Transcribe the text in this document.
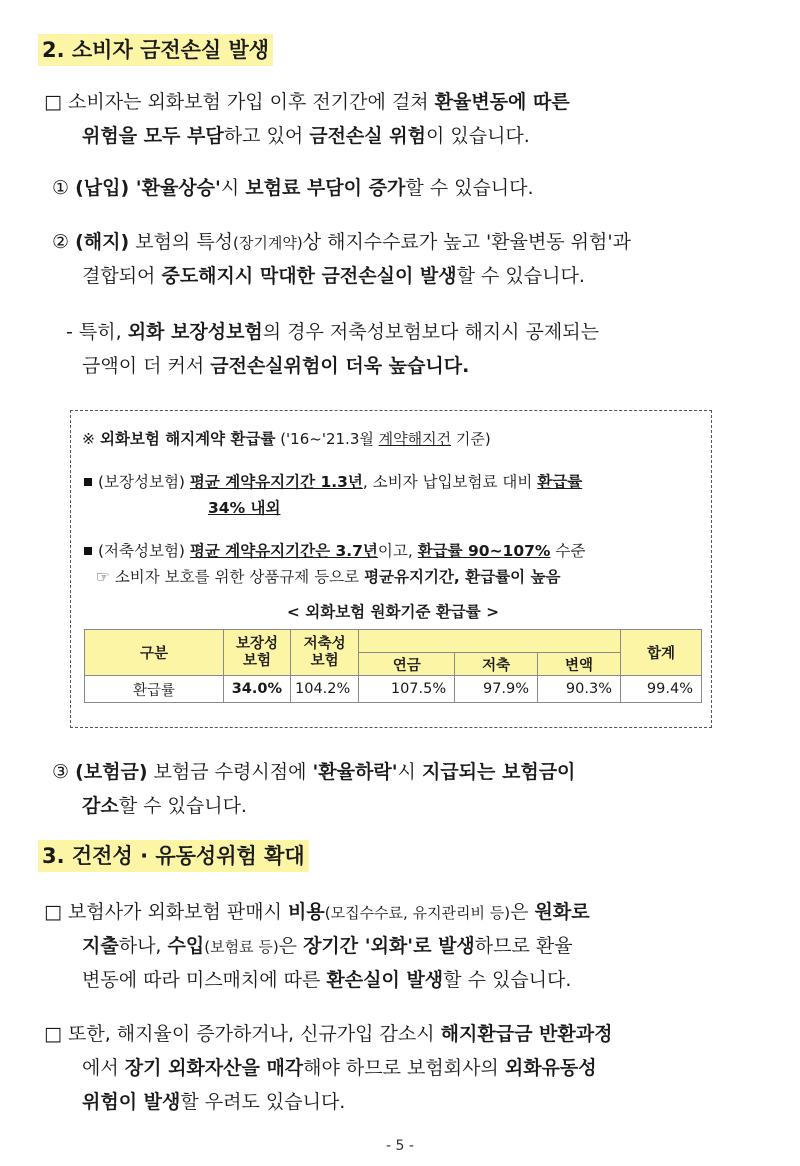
2. 소비자 금전손실 발생
□ 소비자는 외화보험 가입 이후 전기간에 걸쳐 환율변동에 따른
위험을 모두 부담하고 있어 금전손실 위험이 있습니다.
① (납입) '환율상승'시 보험료 부담이 증가할 수 있습니다.
② (해지) 보험의 특성(장기계약)상 해지수수료가 높고 '환율변동 위험'과
결합되어 중도해지시 막대한 금전손실이 발생할 수 있습니다.
- 특히, 외화 보장성보험의 경우 저축성보험보다 해지시 공제되는
금액이 더 커서 금전손실위험이 더욱 높습니다.
※ 외화보험 해지계약 환급률 ('16~'21.3월 계약해지건 기준)
(보장성보험) 평균 계약유지기간 1.3년, 소비자 납입보험료 대비 환급률
34% 내외
(저축성보험) 평균 계약유지기간은 3.7년이고, 환급률 90~107% 수준
☞ 소비자 보호를 위한 상품규제 등으로 평균유지기간, 환급률이 높음
< 외화보험 원화기준 환급률 >
구분	보장성 보험	저축성 보험				합계
			연금	저축	변액	
환급률	34.0%	104.2%	107.5%	97.9%	90.3%	99.4%
③ (보험금) 보험금 수령시점에 '환율하락'시 지급되는 보험금이
감소할 수 있습니다.
3. 건전성 · 유동성위험 확대
□ 보험사가 외화보험 판매시 비용(모집수수료, 유지관리비 등)은 원화로
지출하나, 수입(보험료 등)은 장기간 '외화'로 발생하므로 환율
변동에 따라 미스매치에 따른 환손실이 발생할 수 있습니다.
□ 또한, 해지율이 증가하거나, 신규가입 감소시 해지환급금 반환과정
에서 장기 외화자산을 매각해야 하므로 보험회사의 외화유동성
위험이 발생할 우려도 있습니다.
- 5 -
